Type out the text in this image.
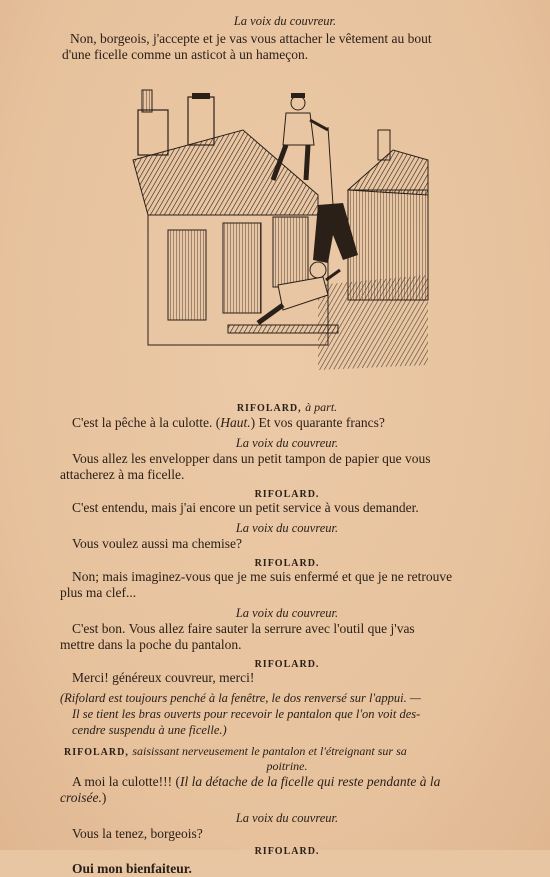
La voix du couvreur.

Non, borgeois, j'accepte et je vas vous attacher le vêtement au bout

d'une ficelle comme un asticot à un hameçon.

RIFOLARD, à part.

C'est la pêche à la culotte. (Haut.) Et vos quarante francs?

La voix du couvreur.

Vous allez les envelopper dans un petit tampon de papier que vous

attacherez à ma ficelle.

RIFOLARD.

C'est entendu, mais j'ai encore un petit service à vous demander.

La voix du couvreur.

Vous voulez aussi ma chemise?

RIFOLARD.

Non; mais imaginez-vous que je me suis enfermé et que je ne retrouve

plus ma clef...

La voix du couvreur.

C'est bon. Vous allez faire sauter la serrure avec l'outil que j'vas

mettre dans la poche du pantalon.

RIFOLARD.

Merci! généreux couvreur, merci!

(Rifolard est toujours penché à la fenêtre, le dos renversé sur l'appui. —

Il se tient les bras ouverts pour recevoir le pantalon que l'on voit des-

cendre suspendu à une ficelle.)

RIFOLARD, saisissant nerveusement le pantalon et l'étreignant sur sa

poitrine.

A moi la culotte!!! (Il la détache de la ficelle qui reste pendante à la

croisée.)

La voix du couvreur.

Vous la tenez, borgeois?

RIFOLARD.

Oui mon bienfaiteur.
